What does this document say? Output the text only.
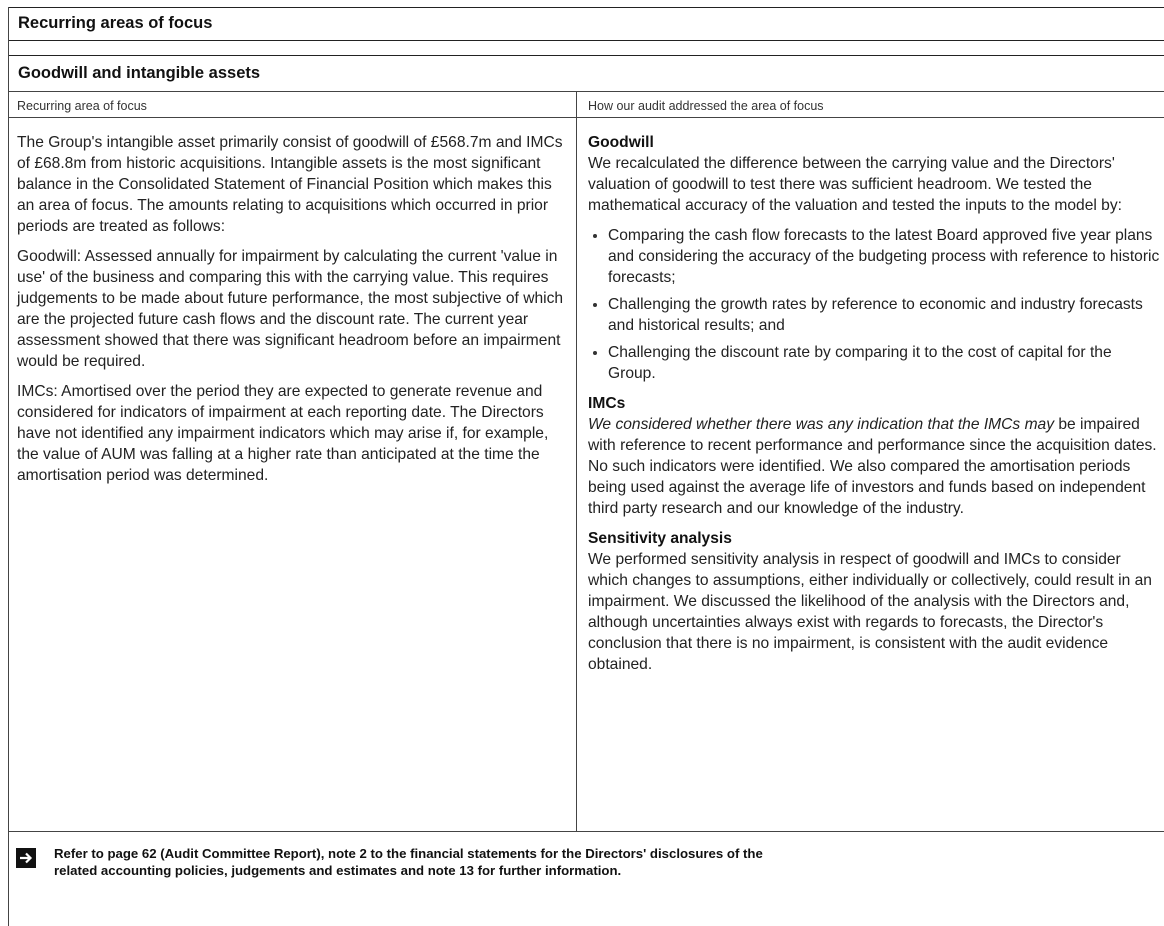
Recurring areas of focus
Goodwill and intangible assets
Recurring area of focus	How our audit addressed the area of focus

The Group's intangible asset primarily consist of goodwill of £568.7m and IMCs of £68.8m from historic acquisitions. Intangible assets is the most significant balance in the Consolidated Statement of Financial Position which makes this an area of focus. The amounts relating to acquisitions which occurred in prior periods are treated as follows:

Goodwill: Assessed annually for impairment by calculating the current 'value in use' of the business and comparing this with the carrying value. This requires judgements to be made about future performance, the most subjective of which are the projected future cash flows and the discount rate. The current year assessment showed that there was significant headroom before an impairment would be required.

IMCs: Amortised over the period they are expected to generate revenue and considered for indicators of impairment at each reporting date. The Directors have not identified any impairment indicators which may arise if, for example, the value of AUM was falling at a higher rate than anticipated at the time the amortisation period was determined.

Goodwill

We recalculated the difference between the carrying value and the Directors' valuation of goodwill to test there was sufficient headroom. We tested the mathematical accuracy of the valuation and tested the inputs to the model by:

Comparing the cash flow forecasts to the latest Board approved five year plans and considering the accuracy of the budgeting process with reference to historic forecasts;
Challenging the growth rates by reference to economic and industry forecasts and historical results; and
Challenging the discount rate by comparing it to the cost of capital for the Group.
IMCs

We considered whether there was any indication that the IMCs may be impaired with reference to recent performance and performance since the acquisition dates. No such indicators were identified. We also compared the amortisation periods being used against the average life of investors and funds based on independent third party research and our knowledge of the industry.

Sensitivity analysis

We performed sensitivity analysis in respect of goodwill and IMCs to consider which changes to assumptions, either individually or collectively, could result in an impairment. We discussed the likelihood of the analysis with the Directors and, although uncertainties always exist with regards to forecasts, the Director's conclusion that there is no impairment, is consistent with the audit evidence obtained.

Refer to page 62 (Audit Committee Report), note 2 to the financial statements for the Directors' disclosures of the related accounting policies, judgements and estimates and note 13 for further information.
